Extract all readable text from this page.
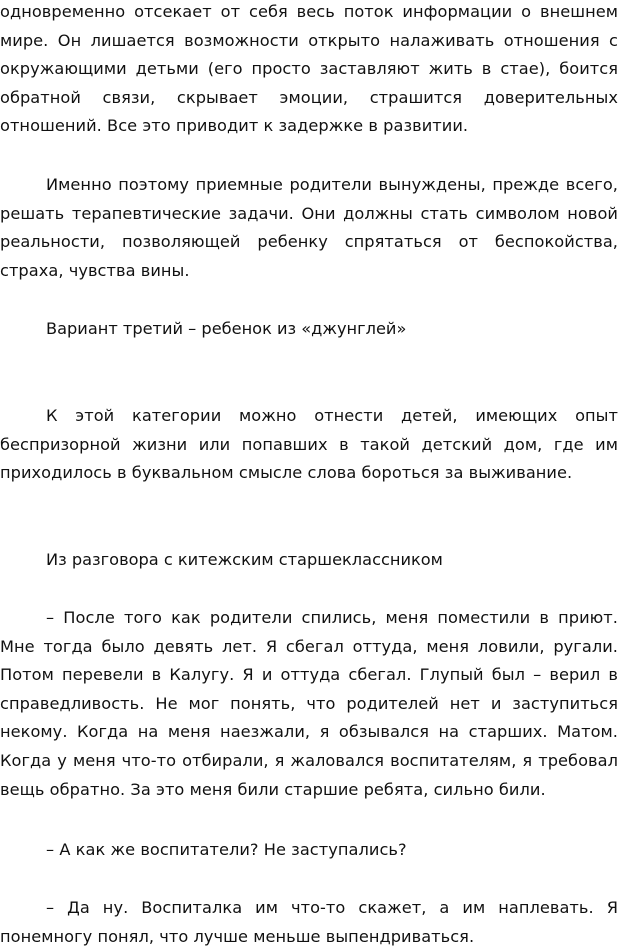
одновременно отсекает от себя весь поток информации о внешнем мире. Он лишается возможности открыто налаживать отношения с окружающими детьми (его просто заставляют жить в стае), боится обратной связи, скрывает эмоции, страшится доверительных отношений. Все это приводит к задержке в развитии.

Именно поэтому приемные родители вынуждены, прежде всего, решать терапевтические задачи. Они должны стать символом новой реальности, позволяющей ребенку спрятаться от беспокойства, страха, чувства вины.

Вариант третий – ребенок из «джунглей»

К этой категории можно отнести детей, имеющих опыт беспризорной жизни или попавших в такой детский дом, где им приходилось в буквальном смысле слова бороться за выживание.

Из разговора с китежским старшеклассником

– После того как родители спились, меня поместили в приют. Мне тогда было девять лет. Я сбегал оттуда, меня ловили, ругали. Потом перевели в Калугу. Я и оттуда сбегал. Глупый был – верил в справедливость. Не мог понять, что родителей нет и заступиться некому. Когда на меня наезжали, я обзывался на старших. Матом. Когда у меня что-то отбирали, я жаловался воспитателям, я требовал вещь обратно. За это меня били старшие ребята, сильно били.

– А как же воспитатели? Не заступались?

– Да ну. Воспиталка им что-то скажет, а им наплевать. Я понемногу понял, что лучше меньше выпендриваться.
